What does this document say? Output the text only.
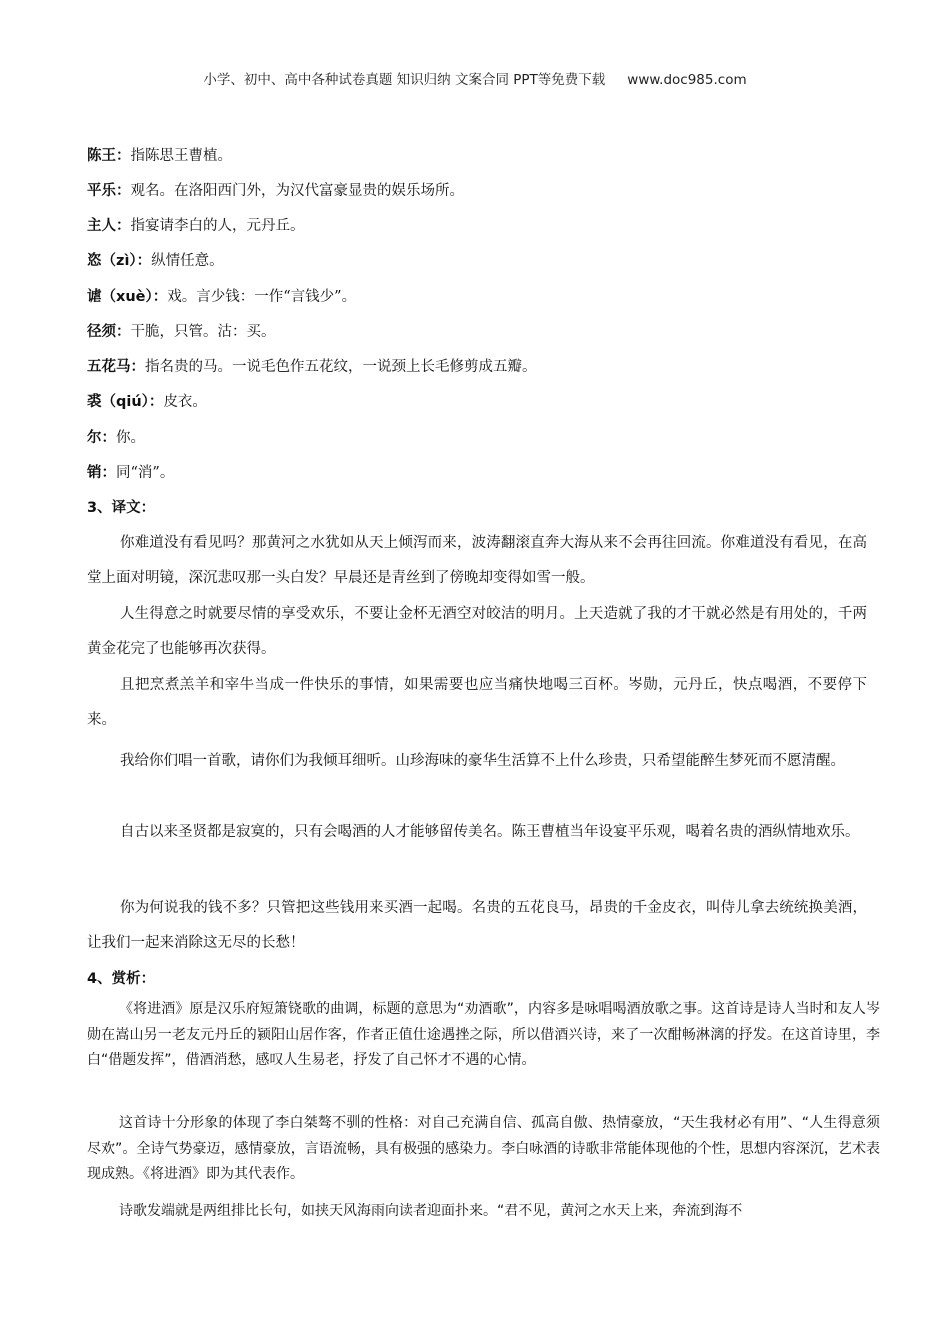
小学、初中、高中各种试卷真题 知识归纳 文案合同 PPT等免费下载 www.doc985.com
陈王：指陈思王曹植。
平乐：观名。在洛阳西门外，为汉代富豪显贵的娱乐场所。
主人：指宴请李白的人，元丹丘。
恣（zì）：纵情任意。
谑（xuè）：戏。言少钱：一作“言钱少”。
径须：干脆，只管。沽：买。
五花马：指名贵的马。一说毛色作五花纹，一说颈上长毛修剪成五瓣。
裘（qiú）：皮衣。
尔：你。
销：同“消”。
3、译文：
你难道没有看见吗？那黄河之水犹如从天上倾泻而来，波涛翻滚直奔大海从来不会再往回流。你难道没有看见，在高堂上面对明镜，深沉悲叹那一头白发？早晨还是青丝到了傍晚却变得如雪一般。
人生得意之时就要尽情的享受欢乐，不要让金杯无酒空对皎洁的明月。上天造就了我的才干就必然是有用处的，千两黄金花完了也能够再次获得。
且把烹煮羔羊和宰牛当成一件快乐的事情，如果需要也应当痛快地喝三百杯。岑勋，元丹丘，快点喝酒，不要停下来。
我给你们唱一首歌，请你们为我倾耳细听。山珍海味的豪华生活算不上什么珍贵，只希望能醉生梦死而不愿清醒。
自古以来圣贤都是寂寞的，只有会喝酒的人才能够留传美名。陈王曹植当年设宴平乐观，喝着名贵的酒纵情地欢乐。
你为何说我的钱不多？只管把这些钱用来买酒一起喝。名贵的五花良马，昂贵的千金皮衣，叫侍儿拿去统统换美酒，让我们一起来消除这无尽的长愁！
4、赏析：
《将进酒》原是汉乐府短箫铙歌的曲调，标题的意思为“劝酒歌”，内容多是咏唱喝酒放歌之事。这首诗是诗人当时和友人岑勋在嵩山另一老友元丹丘的颍阳山居作客，作者正值仕途遇挫之际，所以借酒兴诗，来了一次酣畅淋漓的抒发。在这首诗里，李白“借题发挥”，借酒消愁，感叹人生易老，抒发了自己怀才不遇的心情。
这首诗十分形象的体现了李白桀骜不驯的性格：对自己充满自信、孤高自傲、热情豪放，“天生我材必有用”、“人生得意须尽欢”。全诗气势豪迈，感情豪放，言语流畅，具有极强的感染力。李白咏酒的诗歌非常能体现他的个性，思想内容深沉，艺术表现成熟。《将进酒》即为其代表作。
诗歌发端就是两组排比长句，如挟天风海雨向读者迎面扑来。“君不见，黄河之水天上来，奔流到海不
